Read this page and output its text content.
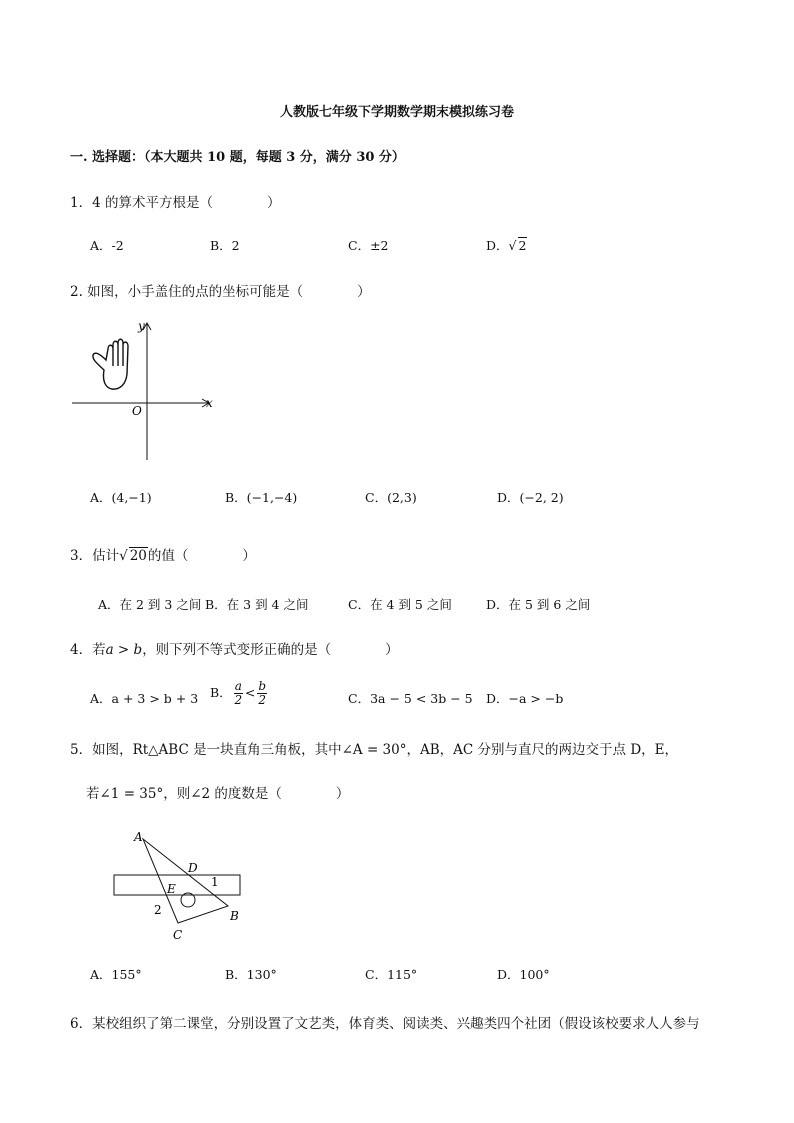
人教版七年级下学期数学期末模拟练习卷
一. 选择题：（本大题共 10 题，每题 3 分，满分 30 分）
1．4 的算术平方根是（　　　　）
A．-2	B．2	C．±2	D．√ 2
2. 如图，小手盖住的点的坐标可能是（　　　　）
y
x
O
A．(4,−1)	B．(−1,−4)	C．(2,3)	D．(−2, 2)
3．估计√ 20的值（　　　　）
A．在 2 到 3 之间 B．在 3 到 4 之间	C．在 4 到 5 之间	D．在 5 到 6 之间
4．若a > b，则下列不等式变形正确的是（　　　　）
A．a + 3 > b + 3 B． $\frac{a}{2} < \frac{b}{2}$	C．3a − 5 < 3b − 5 D．−a > −b
5．如图，Rt△ABC 是一块直角三角板，其中∠A = 30°，AB，AC 分别与直尺的两边交于点 D，E，
若∠1 = 35°，则∠2 的度数是（　　　　）
A
B
C
D
E	1
2
A．155°	B．130°	C．115°	D．100°
6．某校组织了第二课堂，分别设置了文艺类，体育类、阅读类、兴趣类四个社团（假设该校要求人人参与
